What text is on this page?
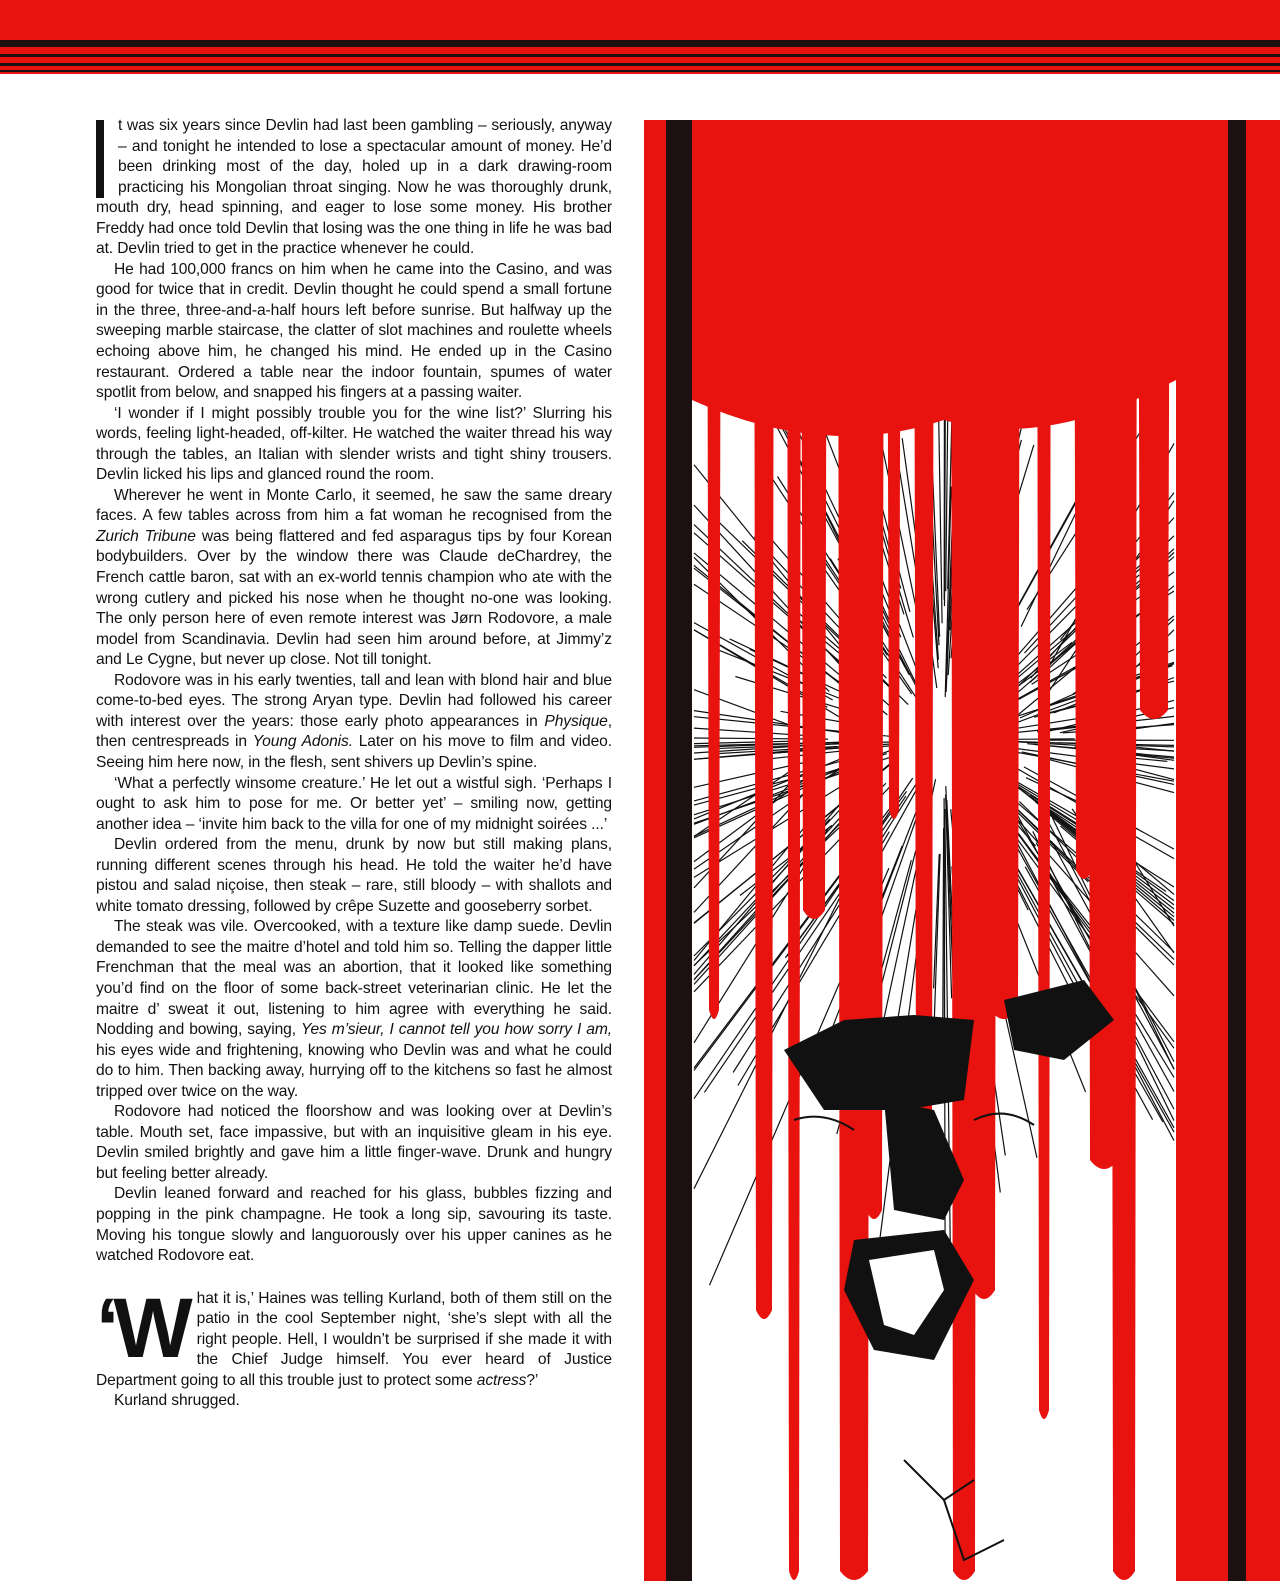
t was six years since Devlin had last been gambling – seriously, anyway – and tonight he intended to lose a spectacular amount of money. He’d been drinking most of the day, holed up in a dark drawing-room practicing his Mongolian throat singing. Now he was thoroughly drunk, mouth dry, head spinning, and eager to lose some money. His brother Freddy had once told Devlin that losing was the one thing in life he was bad at. Devlin tried to get in the practice whenever he could.

He had 100,000 francs on him when he came into the Casino, and was good for twice that in credit. Devlin thought he could spend a small fortune in the three, three-and-a-half hours left before sunrise. But halfway up the sweeping marble staircase, the clatter of slot machines and roulette wheels echoing above him, he changed his mind. He ended up in the Casino restaurant. Ordered a table near the indoor fountain, spumes of water spotlit from below, and snapped his fingers at a passing waiter.

‘I wonder if I might possibly trouble you for the wine list?’ Slurring his words, feeling light-headed, off-kilter. He watched the waiter thread his way through the tables, an Italian with slender wrists and tight shiny trousers. Devlin licked his lips and glanced round the room.

Wherever he went in Monte Carlo, it seemed, he saw the same dreary faces. A few tables across from him a fat woman he recognised from the Zurich Tribune was being flattered and fed asparagus tips by four Korean bodybuilders. Over by the window there was Claude deChardrey, the French cattle baron, sat with an ex-world tennis champion who ate with the wrong cutlery and picked his nose when he thought no-one was looking. The only person here of even remote interest was Jørn Rodovore, a male model from Scandinavia. Devlin had seen him around before, at Jimmy’z and Le Cygne, but never up close. Not till tonight.

Rodovore was in his early twenties, tall and lean with blond hair and blue come-to-bed eyes. The strong Aryan type. Devlin had followed his career with interest over the years: those early photo appearances in Physique, then centrespreads in Young Adonis. Later on his move to film and video. Seeing him here now, in the flesh, sent shivers up Devlin’s spine.

‘What a perfectly winsome creature.’ He let out a wistful sigh. ‘Perhaps I ought to ask him to pose for me. Or better yet’ – smiling now, getting another idea – ‘invite him back to the villa for one of my midnight soirées ...’

Devlin ordered from the menu, drunk by now but still making plans, running different scenes through his head. He told the waiter he’d have pistou and salad niçoise, then steak – rare, still bloody – with shallots and white tomato dressing, followed by crêpe Suzette and gooseberry sorbet.

The steak was vile. Overcooked, with a texture like damp suede. Devlin demanded to see the maitre d’hotel and told him so. Telling the dapper little Frenchman that the meal was an abortion, that it looked like something you’d find on the floor of some back-street veterinarian clinic. He let the maitre d’ sweat it out, listening to him agree with everything he said. Nodding and bowing, saying, Yes m’sieur, I cannot tell you how sorry I am, his eyes wide and frightening, knowing who Devlin was and what he could do to him. Then backing away, hurrying off to the kitchens so fast he almost tripped over twice on the way.

Rodovore had noticed the floorshow and was looking over at Devlin’s table. Mouth set, face impassive, but with an inquisitive gleam in his eye. Devlin smiled brightly and gave him a little finger-wave. Drunk and hungry but feeling better already.

Devlin leaned forward and reached for his glass, bubbles fizzing and popping in the pink champagne. He took a long sip, savouring its taste. Moving his tongue slowly and languorously over his upper canines as he watched Rodovore eat.

‘What it is,’ Haines was telling Kurland, both of them still on the patio in the cool September night, ‘she’s slept with all the right people. Hell, I wouldn’t be surprised if she made it with the Chief Judge himself. You ever heard of Justice Department going to all this trouble just to protect some actress?’

Kurland shrugged.
